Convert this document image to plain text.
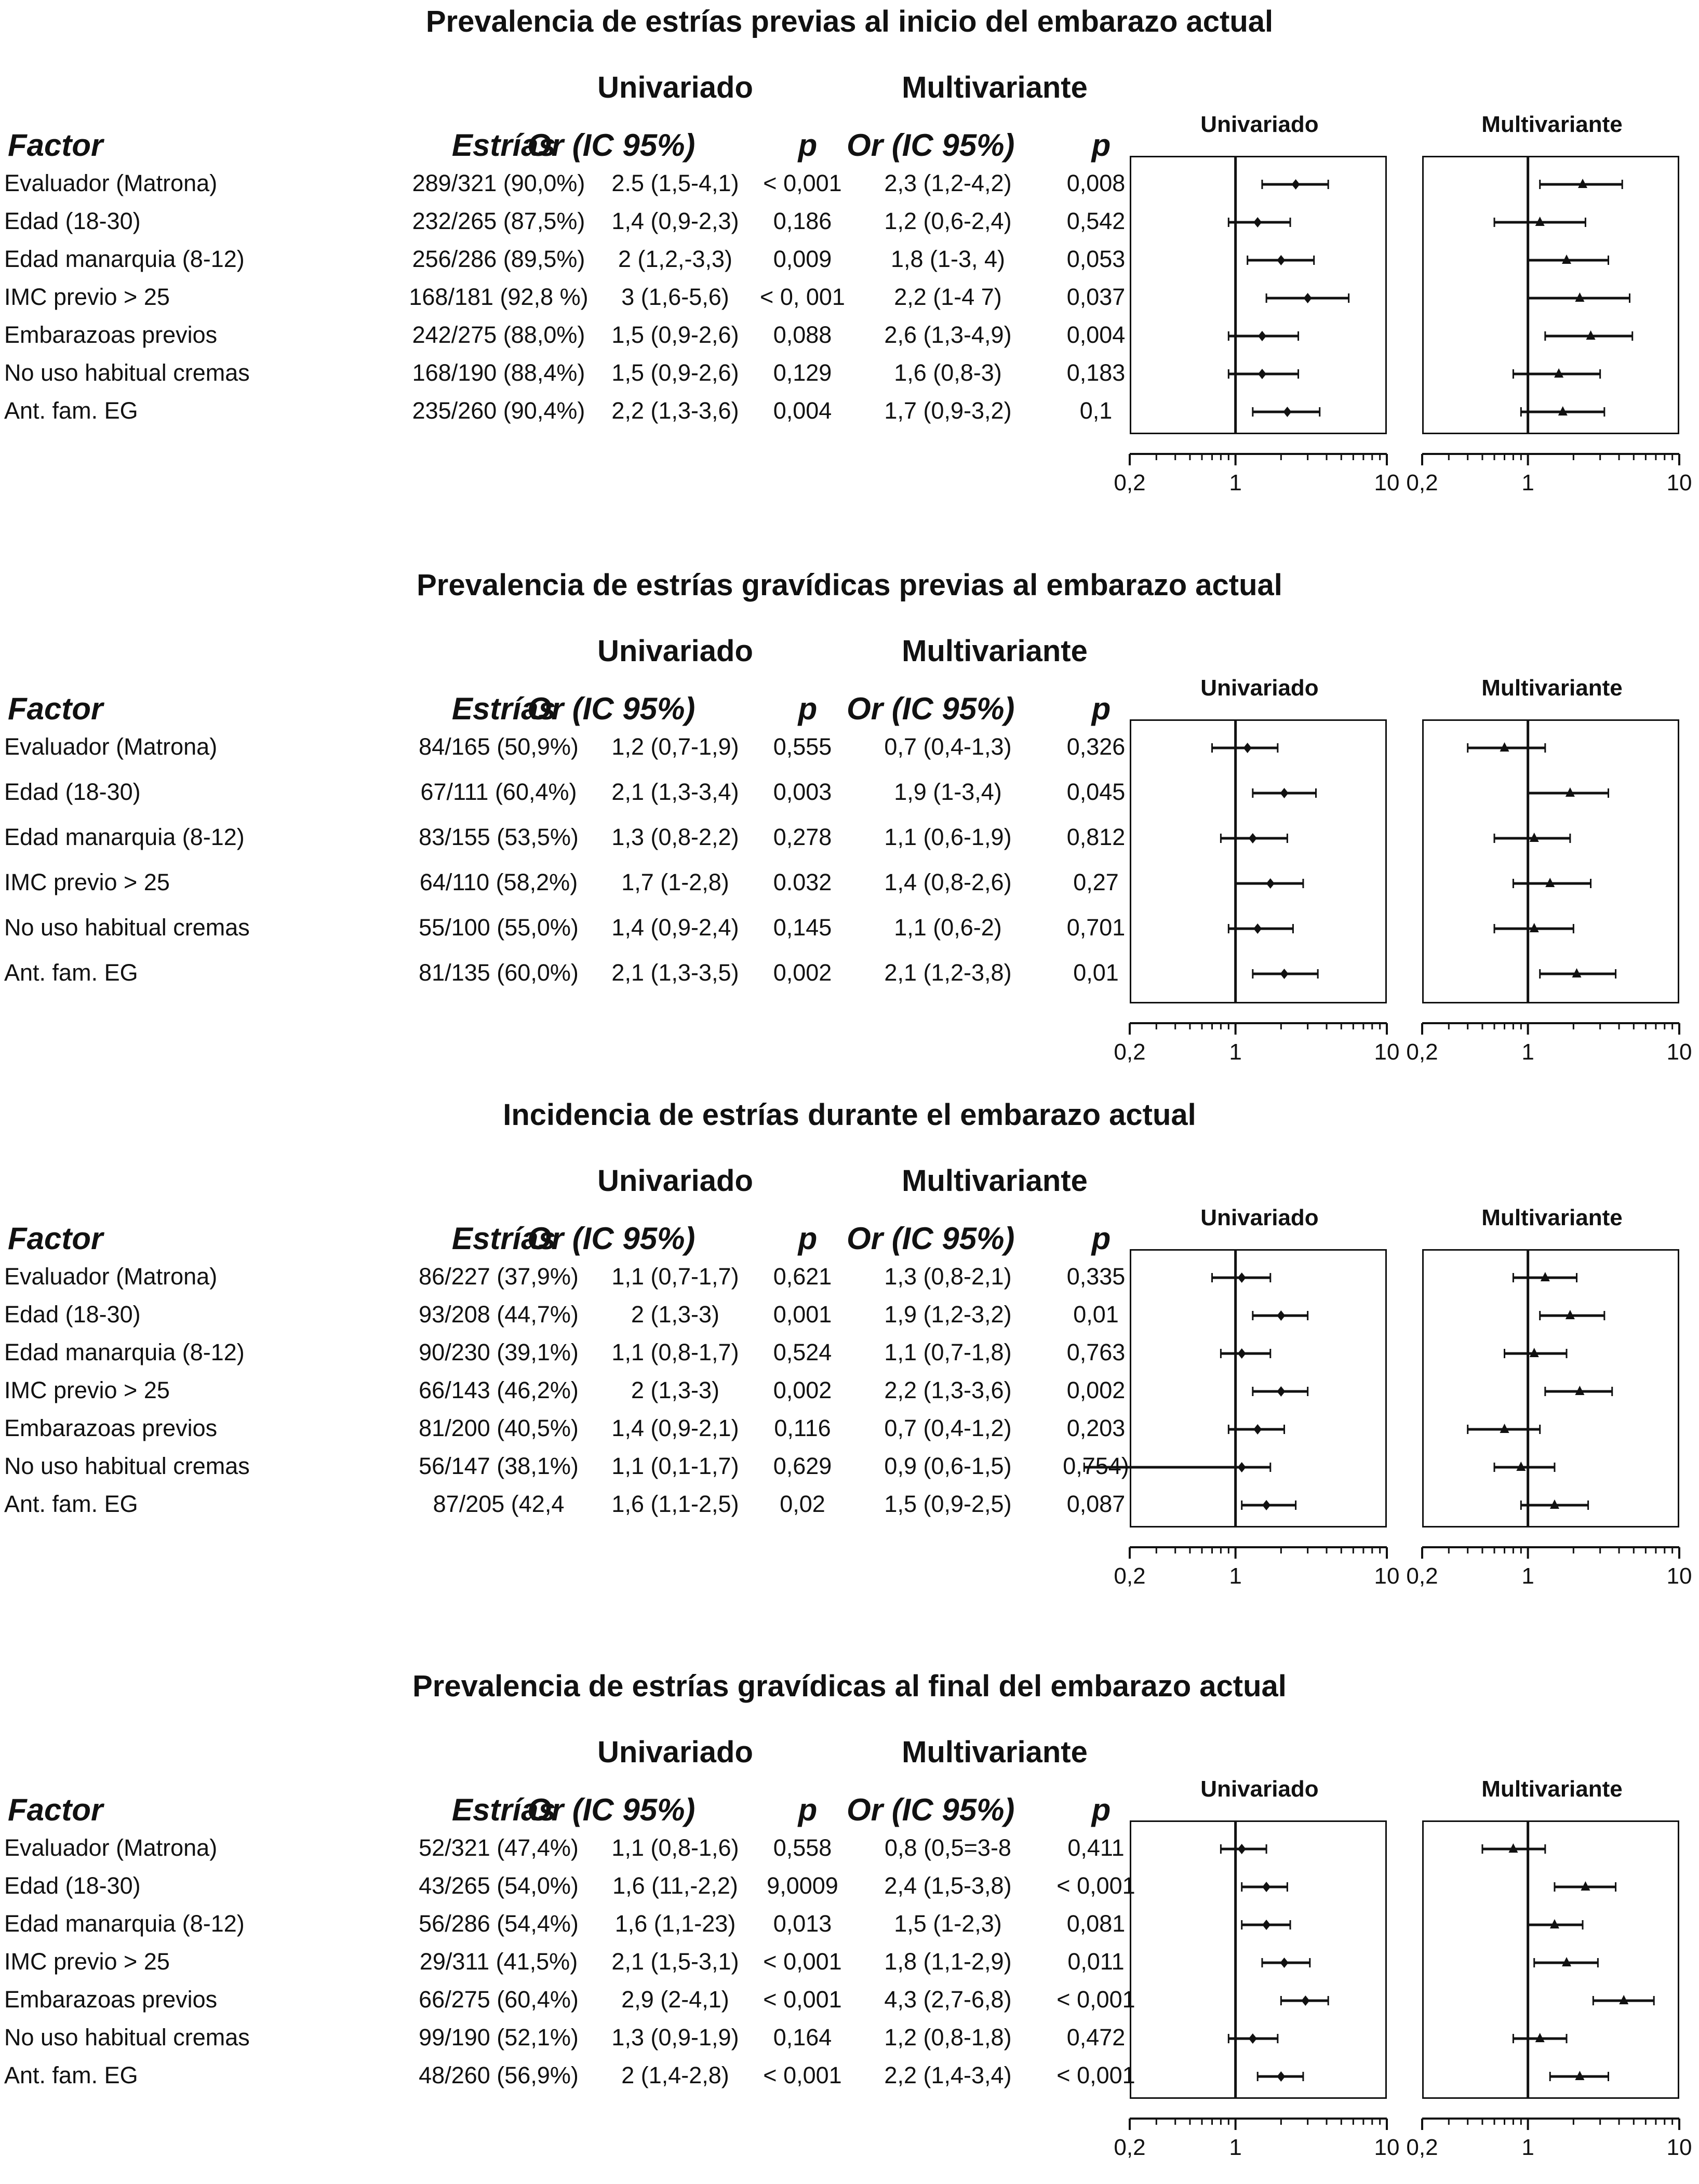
Prevalencia de estrías previas al inicio del embarazo actual
Univariado	Multivariante
Factor	Estrías
Or (IC 95%)	p Or (IC 95%)	p
Univariado	Multivariante
Evaluador (Matrona)	289/321 (90,0%)	2.5 (1,5-4,1)	< 0,001	2,3 (1,2-4,2)	0,008
Edad (18-30)	232/265 (87,5%)	1,4 (0,9-2,3)	0,186	1,2 (0,6-2,4)	0,542
Edad manarquia (8-12)	256/286 (89,5%)	2 (1,2,-3,3)	0,009	1,8 (1-3, 4)	0,053
IMC previo > 25	168/181 (92,8 %)	3 (1,6-5,6)	< 0, 001	2,2 (1-4 7)	0,037
Embarazoas previos	242/275 (88,0%)	1,5 (0,9-2,6)	0,088	2,6 (1,3-4,9)	0,004
No uso habitual cremas	168/190 (88,4%)	1,5 (0,9-2,6)	0,129	1,6 (0,8-3)	0,183
Ant. fam. EG	235/260 (90,4%)	2,2 (1,3-3,6)	0,004	1,7 (0,9-3,2)	0,1
0,2	1	10 0,2	1	10
Prevalencia de estrías gravídicas previas al embarazo actual
Univariado	Multivariante
Factor	Estrías
Or (IC 95%)	p Or (IC 95%)	p
Univariado	Multivariante
Evaluador (Matrona)	84/165 (50,9%)	1,2 (0,7-1,9)	0,555	0,7 (0,4-1,3)	0,326
Edad (18-30)	67/111 (60,4%)	2,1 (1,3-3,4)	0,003	1,9 (1-3,4)	0,045
Edad manarquia (8-12)	83/155 (53,5%)	1,3 (0,8-2,2)	0,278	1,1 (0,6-1,9)	0,812
IMC previo > 25	64/110 (58,2%)	1,7 (1-2,8)	0.032	1,4 (0,8-2,6)	0,27
No uso habitual cremas	55/100 (55,0%)	1,4 (0,9-2,4)	0,145	1,1 (0,6-2)	0,701
Ant. fam. EG	81/135 (60,0%)	2,1 (1,3-3,5)	0,002	2,1 (1,2-3,8)	0,01
0,2	1	10 0,2	1	10
Incidencia de estrías durante el embarazo actual
Univariado	Multivariante
Factor	Estrías
Or (IC 95%)	p Or (IC 95%)	p
Univariado	Multivariante
Evaluador (Matrona)	86/227 (37,9%)	1,1 (0,7-1,7)	0,621	1,3 (0,8-2,1)	0,335
Edad (18-30)	93/208 (44,7%)	2 (1,3-3)	0,001	1,9 (1,2-3,2)	0,01
Edad manarquia (8-12)	90/230 (39,1%)	1,1 (0,8-1,7)	0,524	1,1 (0,7-1,8)	0,763
IMC previo > 25	66/143 (46,2%)	2 (1,3-3)	0,002	2,2 (1,3-3,6)	0,002
Embarazoas previos	81/200 (40,5%)	1,4 (0,9-2,1)	0,116	0,7 (0,4-1,2)	0,203
No uso habitual cremas	56/147 (38,1%)	1,1 (0,1-1,7)	0,629	0,9 (0,6-1,5)	0,754)
Ant. fam. EG	87/205 (42,4	1,6 (1,1-2,5)	0,02	1,5 (0,9-2,5)	0,087
0,2	1	10 0,2	1	10
Prevalencia de estrías gravídicas al final del embarazo actual
Univariado	Multivariante
Factor	Estrías
Or (IC 95%)	p Or (IC 95%)	p
Univariado	Multivariante
Evaluador (Matrona)	52/321 (47,4%)	1,1 (0,8-1,6)	0,558	0,8 (0,5=3-8	0,411
Edad (18-30)	43/265 (54,0%)	1,6 (11,-2,2)	9,0009	2,4 (1,5-3,8)	< 0,001
Edad manarquia (8-12)	56/286 (54,4%)	1,6 (1,1-23)	0,013	1,5 (1-2,3)	0,081
IMC previo > 25	29/311 (41,5%)	2,1 (1,5-3,1)	< 0,001	1,8 (1,1-2,9)	0,011
Embarazoas previos	66/275 (60,4%)	2,9 (2-4,1)	< 0,001	4,3 (2,7-6,8)	< 0,001
No uso habitual cremas	99/190 (52,1%)	1,3 (0,9-1,9)	0,164	1,2 (0,8-1,8)	0,472
Ant. fam. EG	48/260 (56,9%)	2 (1,4-2,8)	< 0,001	2,2 (1,4-3,4)	< 0,001
0,2	1	10 0,2	1	10
